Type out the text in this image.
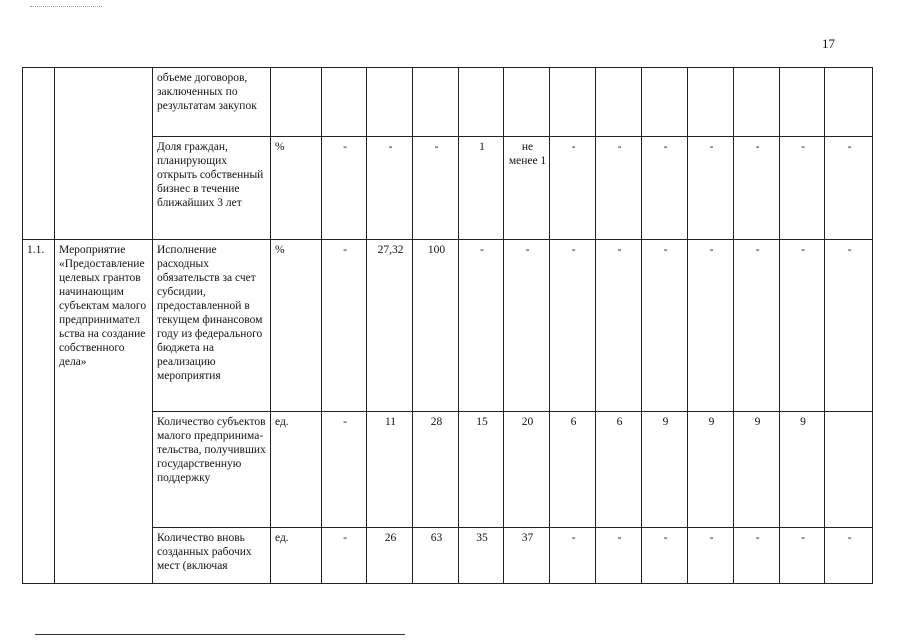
17
		объеме договоров, заключенных по результатам закупок													
		Доля граждан, планирующих открыть собственный бизнес в течение ближайших 3 лет	%	-	-	-	1	не менее 1	-	-	-	-	-	-	-
1.1.	Мероприятие «Предоставление целевых грантов начинающим субъектам малого предпринимател ьства на создание собственного дела»	Исполнение расходных обязательств за счет субсидии, предоставленной в текущем финансовом году из федерального бюджета на реализацию мероприятия	%	-	27,32	100	-	-	-	-	-	-	-	-	-
		Количество субъектов малого предпринима-тельства, получивших государственную поддержку	ед.	-	11	28	15	20	6	6	9	9	9	9	
		Количество вновь созданных рабочих мест (включая	ед.	-	26	63	35	37	-	-	-	-	-	-	-
